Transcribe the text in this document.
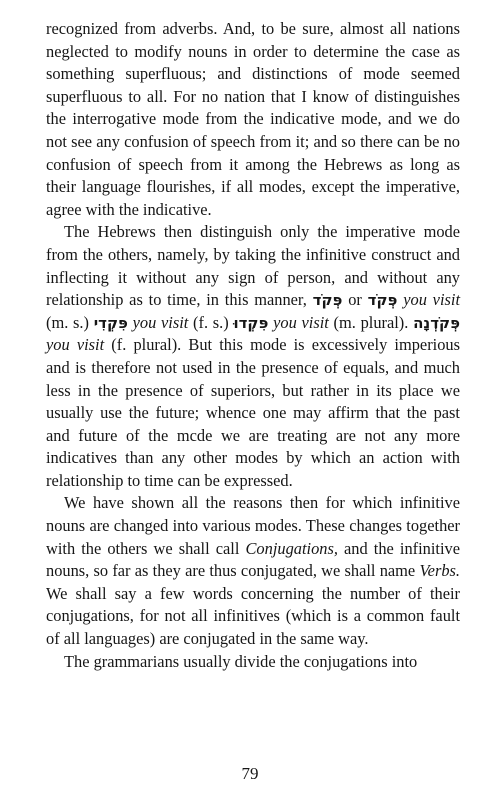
recognized from adverbs. And, to be sure, almost all nations neglected to modify nouns in order to determine the case as something superfluous; and distinctions of mode seemed superfluous to all. For no nation that I know of distinguishes the interrogative mode from the indicative mode, and we do not see any confusion of speech from it; and so there can be no confusion of speech from it among the Hebrews as long as their language flourishes, if all modes, except the imperative, agree with the indicative.

The Hebrews then distinguish only the imperative mode from the others, namely, by taking the infinitive construct and inflecting it without any sign of person, and without any relationship as to time, in this manner, פְּקֹד or פְּקֹד you visit (m. s.) פִּקְדִי you visit (f. s.) פִּקְדוּ you visit (m. plural). פְּקֹדְנָה you visit (f. plural). But this mode is excessively imperious and is therefore not used in the presence of equals, and much less in the presence of superiors, but rather in its place we usually use the future; whence one may affirm that the past and future of the mcde we are treating are not any more indicatives than any other modes by which an action with relationship to time can be expressed.

We have shown all the reasons then for which infinitive nouns are changed into various modes. These changes together with the others we shall call Conjugations, and the infinitive nouns, so far as they are thus conjugated, we shall name Verbs. We shall say a few words concerning the number of their conjugations, for not all infinitives (which is a common fault of all languages) are conjugated in the same way.

The grammarians usually divide the conjugations into

79
